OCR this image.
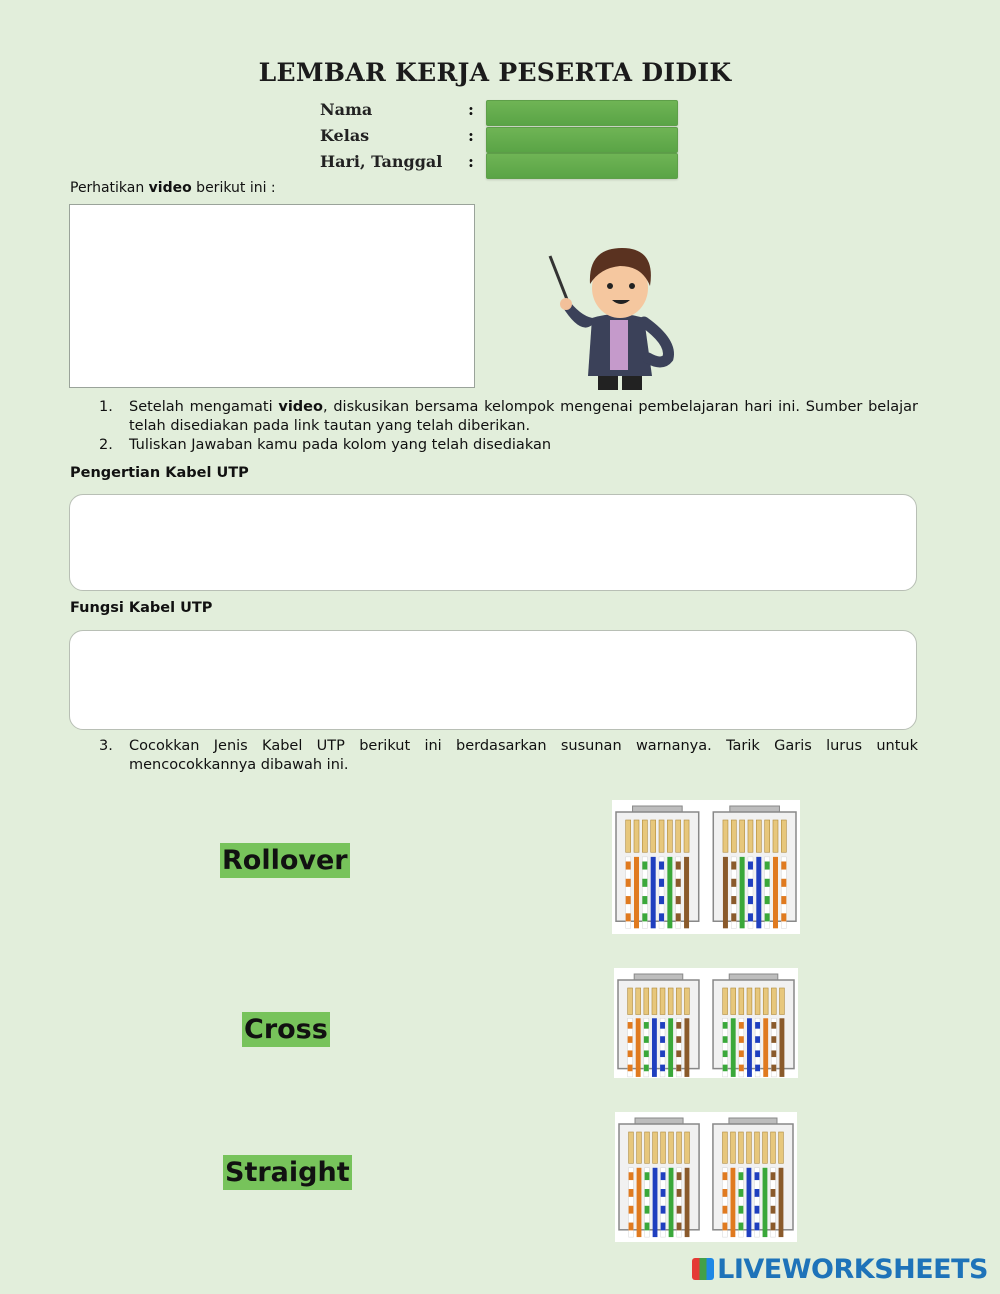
LEMBAR KERJA PESERTA DIDIK
Nama	:
Kelas	:
Hari, Tanggal :
Perhatikan video berikut ini :
1. Setelah mengamati video, diskusikan bersama kelompok mengenai pembelajaran hari ini. Sumber belajar telah disediakan pada link tautan yang telah diberikan.
2. Tuliskan Jawaban kamu pada kolom yang telah disediakan
Pengertian Kabel UTP
Fungsi Kabel UTP
3. Cocokkan Jenis Kabel UTP berikut ini berdasarkan susunan warnanya. Tarik Garis lurus untuk mencocokkannya dibawah ini.
Rollover
Cross
Straight
LIVEWORKSHEETS
